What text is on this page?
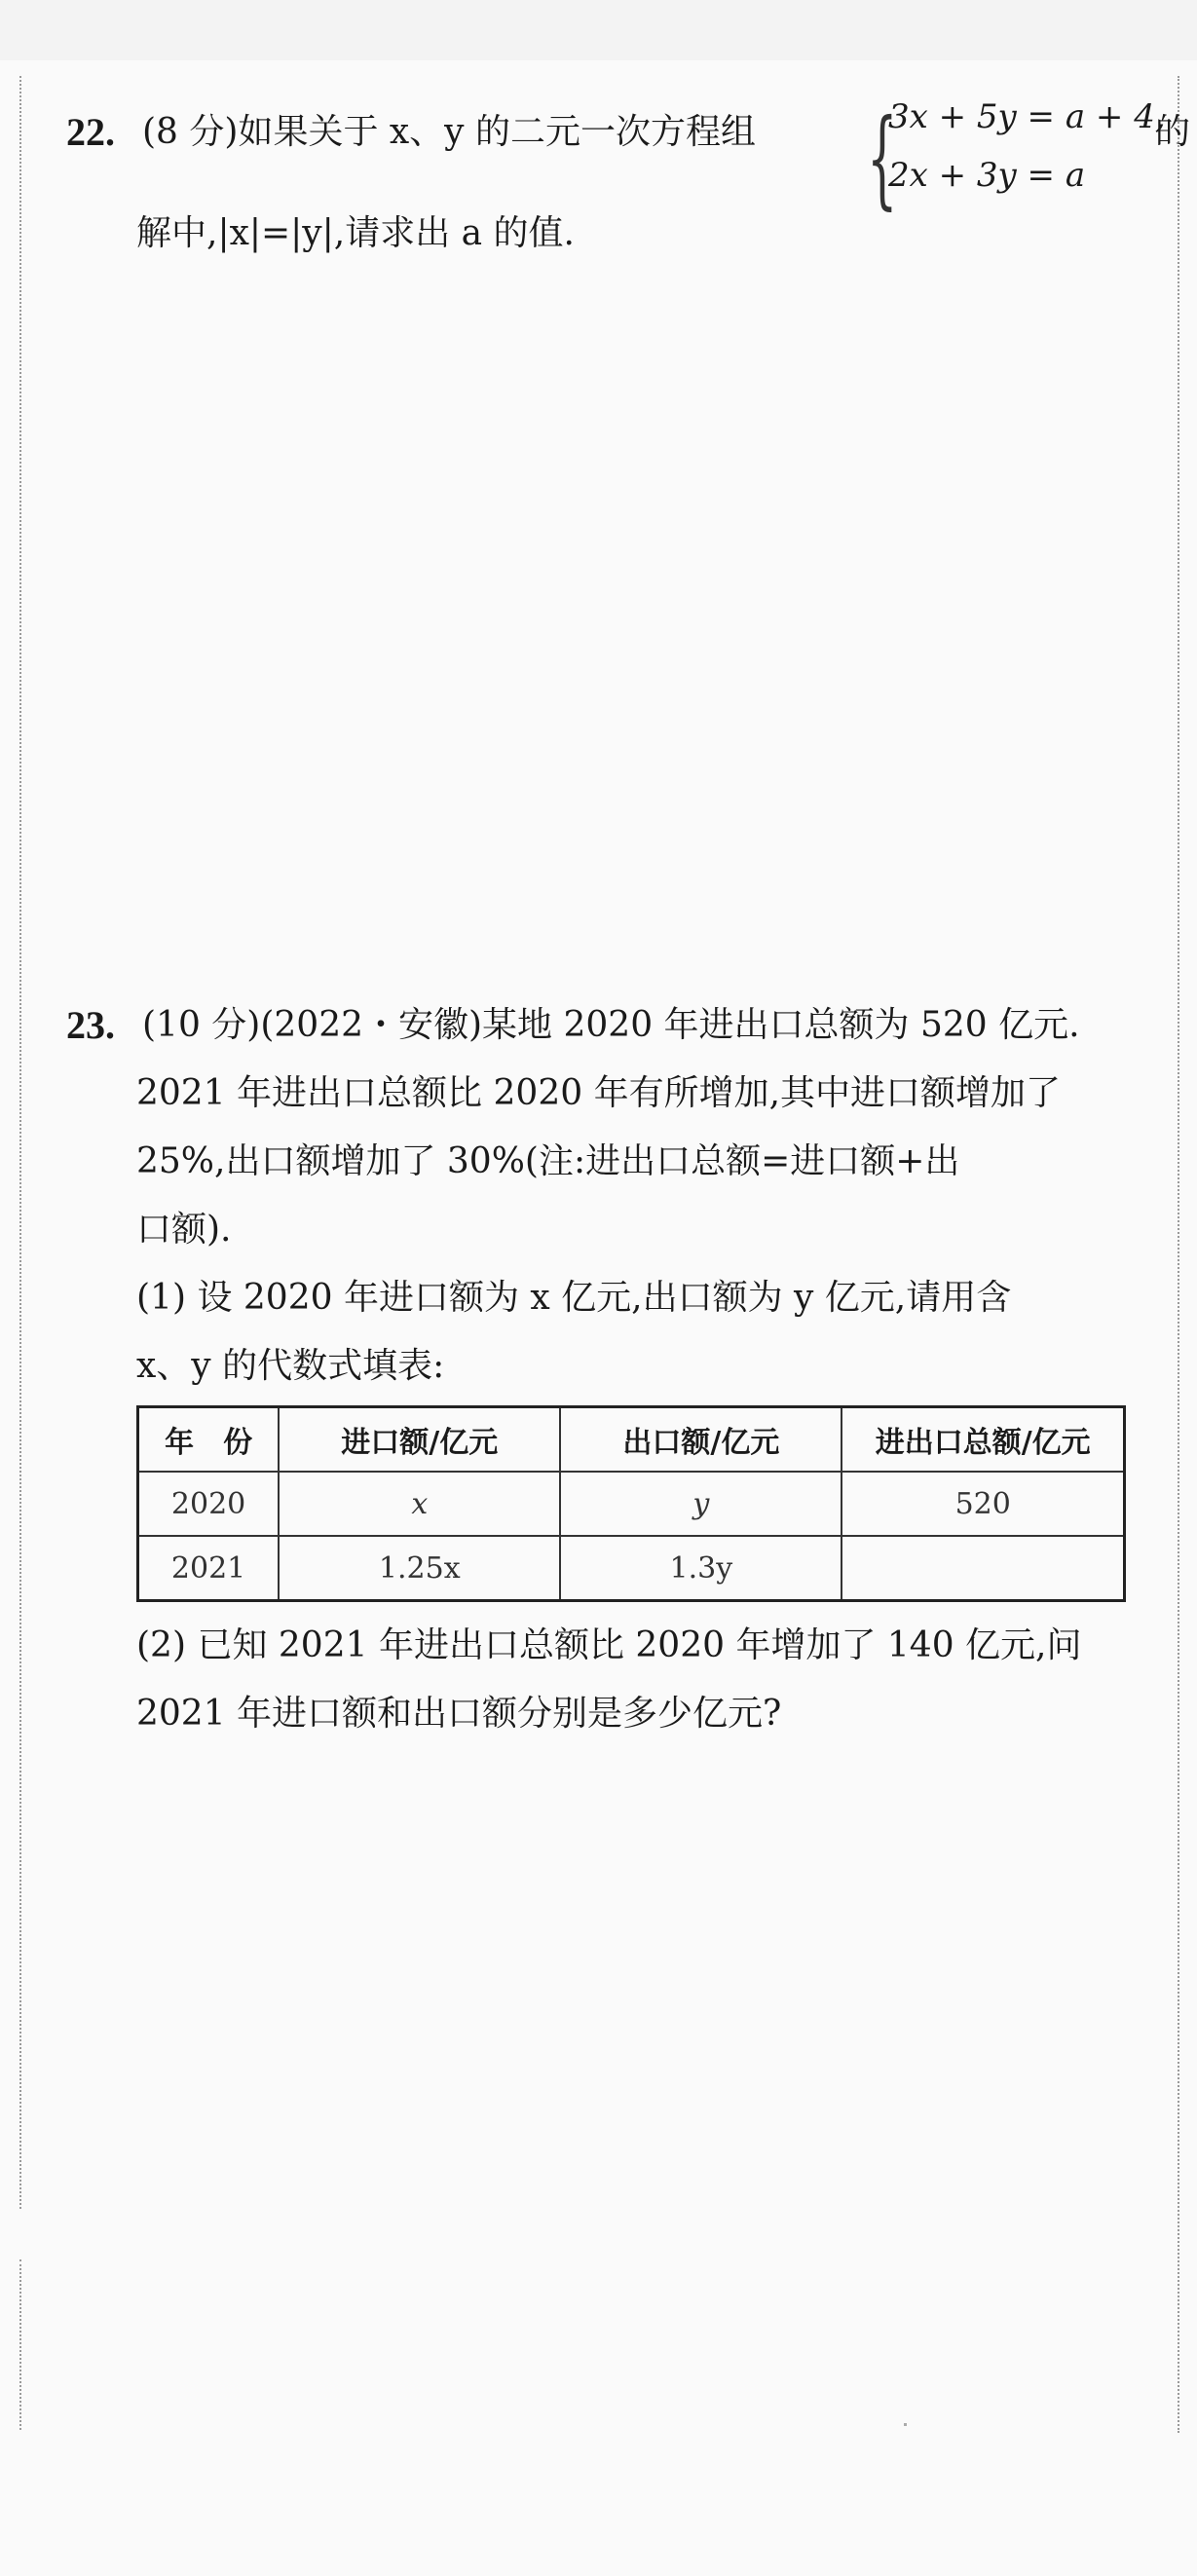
22. (8 分)如果关于 x、y 的二元一次方程组 {
3x + 5y = a + 4,
2x + 3y = a
的
解中,|x|=|y|,请求出 a 的值.
23. (10 分)(2022・安徽)某地 2020 年进出口总额为 520 亿元.
2021 年进出口总额比 2020 年有所增加,其中进口额增加了
25%,出口额增加了 30%(注:进出口总额=进口额+出
口额).
(1) 设 2020 年进口额为 x 亿元,出口额为 y 亿元,请用含
x、y 的代数式填表:
年　份	进口额/亿元	出口额/亿元	进出口总额/亿元
2020	x	y	520
2021	1.25x	1.3y	
(2) 已知 2021 年进出口总额比 2020 年增加了 140 亿元,问
2021 年进口额和出口额分别是多少亿元?
